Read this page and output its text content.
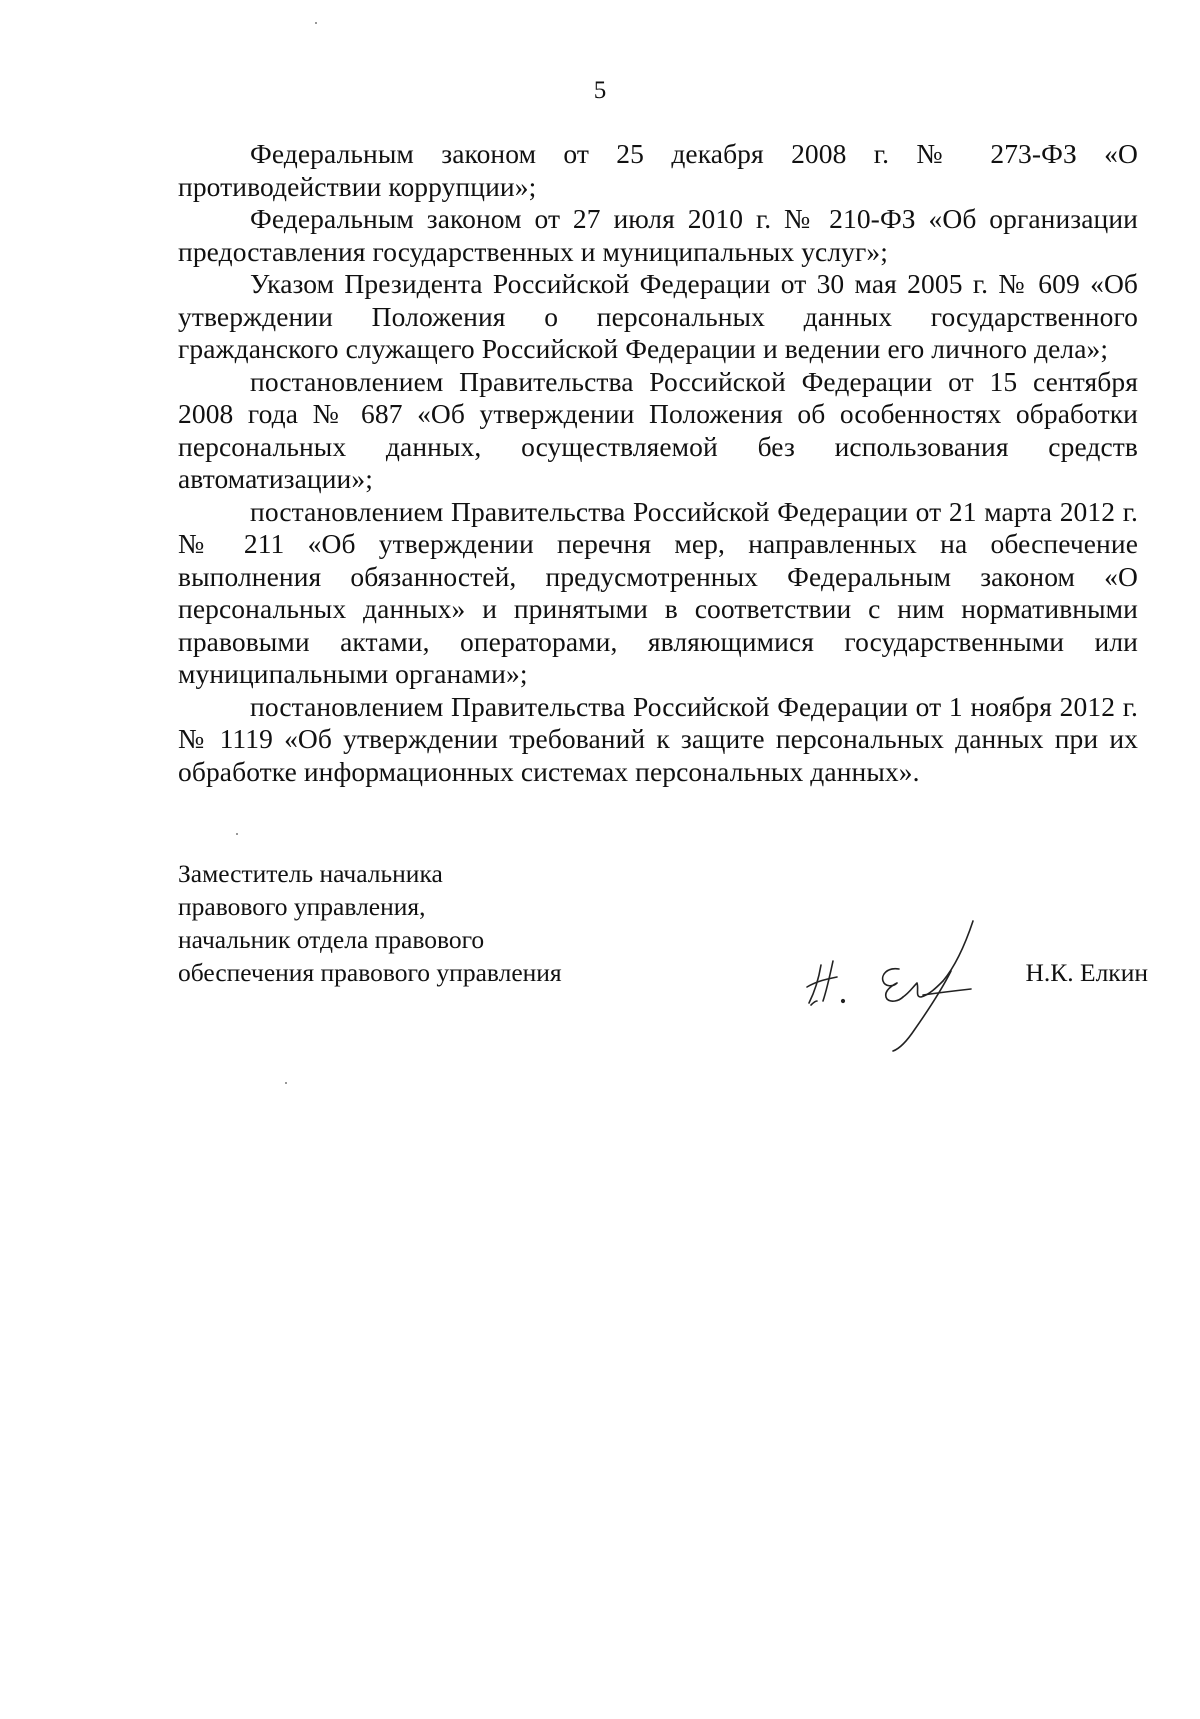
5

Федеральным законом от 25 декабря 2008 г. № 273-ФЗ «О противодействии коррупции»;

Федеральным законом от 27 июля 2010 г. № 210-ФЗ «Об организации предоставления государственных и муниципальных услуг»;

Указом Президента Российской Федерации от 30 мая 2005 г. № 609 «Об утверждении Положения о персональных данных государственного гражданского служащего Российской Федерации и ведении его личного дела»;

постановлением Правительства Российской Федерации от 15 сентября 2008 года № 687 «Об утверждении Положения об особенностях обработки персональных данных, осуществляемой без использования средств автоматизации»;

постановлением Правительства Российской Федерации от 21 марта 2012 г. № 211 «Об утверждении перечня мер, направленных на обеспечение выполнения обязанностей, предусмотренных Федеральным законом «О персональных данных» и принятыми в соответствии с ним нормативными правовыми актами, операторами, являющимися государственными или муниципальными органами»;

постановлением Правительства Российской Федерации от 1 ноября 2012 г. № 1119 «Об утверждении требований к защите персональных данных при их обработке информационных системах персональных данных».

Заместитель начальника
правового управления,
начальник отдела правового
обеспечения правового управления	Н.К. Елкин
